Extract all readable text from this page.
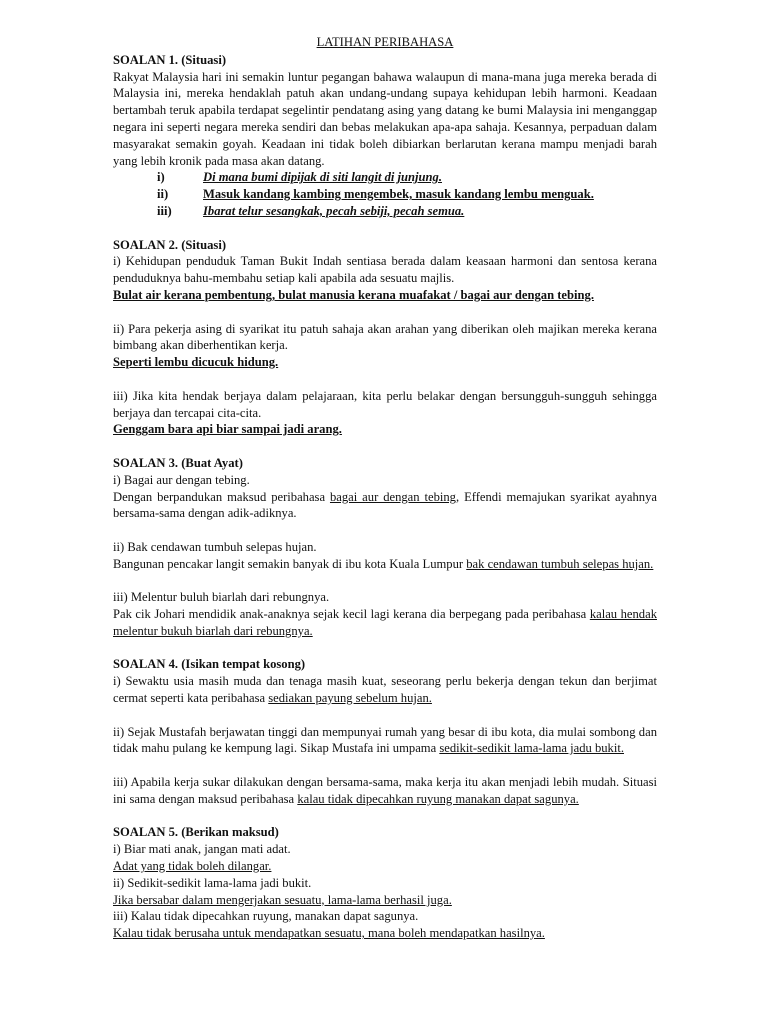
LATIHAN PERIBAHASA
SOALAN 1. (Situasi)
Rakyat Malaysia hari ini semakin luntur pegangan bahawa walaupun di mana-mana juga mereka berada di Malaysia ini, mereka hendaklah patuh akan undang-undang supaya kehidupan lebih harmoni. Keadaan bertambah teruk apabila terdapat segelintir pendatang asing yang datang ke bumi Malaysia ini menganggap negara ini seperti negara mereka sendiri dan bebas melakukan apa-apa sahaja. Kesannya, perpaduan dalam masyarakat semakin goyah. Keadaan ini tidak boleh dibiarkan berlarutan kerana mampu menjadi barah yang lebih kronik pada masa akan datang.
i)	Di mana bumi dipijak di siti langit di junjung.
ii)	Masuk kandang kambing mengembek, masuk kandang lembu menguak.
iii)	Ibarat telur sesangkak, pecah sebiji, pecah semua.
SOALAN 2. (Situasi)
i) Kehidupan penduduk Taman Bukit Indah sentiasa berada dalam keasaan harmoni dan sentosa kerana penduduknya bahu-membahu setiap kali apabila ada sesuatu majlis.
Bulat air kerana pembentung, bulat manusia kerana muafakat / bagai aur dengan tebing.
ii) Para pekerja asing di syarikat itu patuh sahaja akan arahan yang diberikan oleh majikan mereka kerana bimbang akan diberhentikan kerja.
Seperti lembu dicucuk hidung.
iii) Jika kita hendak berjaya dalam pelajaraan, kita perlu belakar dengan bersungguh-sungguh sehingga berjaya dan tercapai cita-cita.
Genggam bara api biar sampai jadi arang.
SOALAN 3. (Buat Ayat)
i) Bagai aur dengan tebing.
Dengan berpandukan maksud peribahasa bagai aur dengan tebing, Effendi memajukan syarikat ayahnya bersama-sama dengan adik-adiknya.
ii) Bak cendawan tumbuh selepas hujan.
Bangunan pencakar langit semakin banyak di ibu kota Kuala Lumpur bak cendawan tumbuh selepas hujan.
iii) Melentur buluh biarlah dari rebungnya.
Pak cik Johari mendidik anak-anaknya sejak kecil lagi kerana dia berpegang pada peribahasa kalau hendak melentur bukuh biarlah dari rebungnya.
SOALAN 4. (Isikan tempat kosong)
i) Sewaktu usia masih muda dan tenaga masih kuat, seseorang perlu bekerja dengan tekun dan berjimat cermat seperti kata peribahasa sediakan payung sebelum hujan.
ii) Sejak Mustafah berjawatan tinggi dan mempunyai rumah yang besar di ibu kota, dia mulai sombong dan tidak mahu pulang ke kempung lagi. Sikap Mustafa ini umpama sedikit-sedikit lama-lama jadu bukit.
iii) Apabila kerja sukar dilakukan dengan bersama-sama, maka kerja itu akan menjadi lebih mudah. Situasi ini sama dengan maksud peribahasa kalau tidak dipecahkan ruyung manakan dapat sagunya.
SOALAN 5. (Berikan maksud)
i) Biar mati anak, jangan mati adat.
Adat yang tidak boleh dilangar.
ii) Sedikit-sedikit lama-lama jadi bukit.
Jika bersabar dalam mengerjakan sesuatu, lama-lama berhasil juga.
iii) Kalau tidak dipecahkan ruyung, manakan dapat sagunya.
Kalau tidak berusaha untuk mendapatkan sesuatu, mana boleh mendapatkan hasilnya.
